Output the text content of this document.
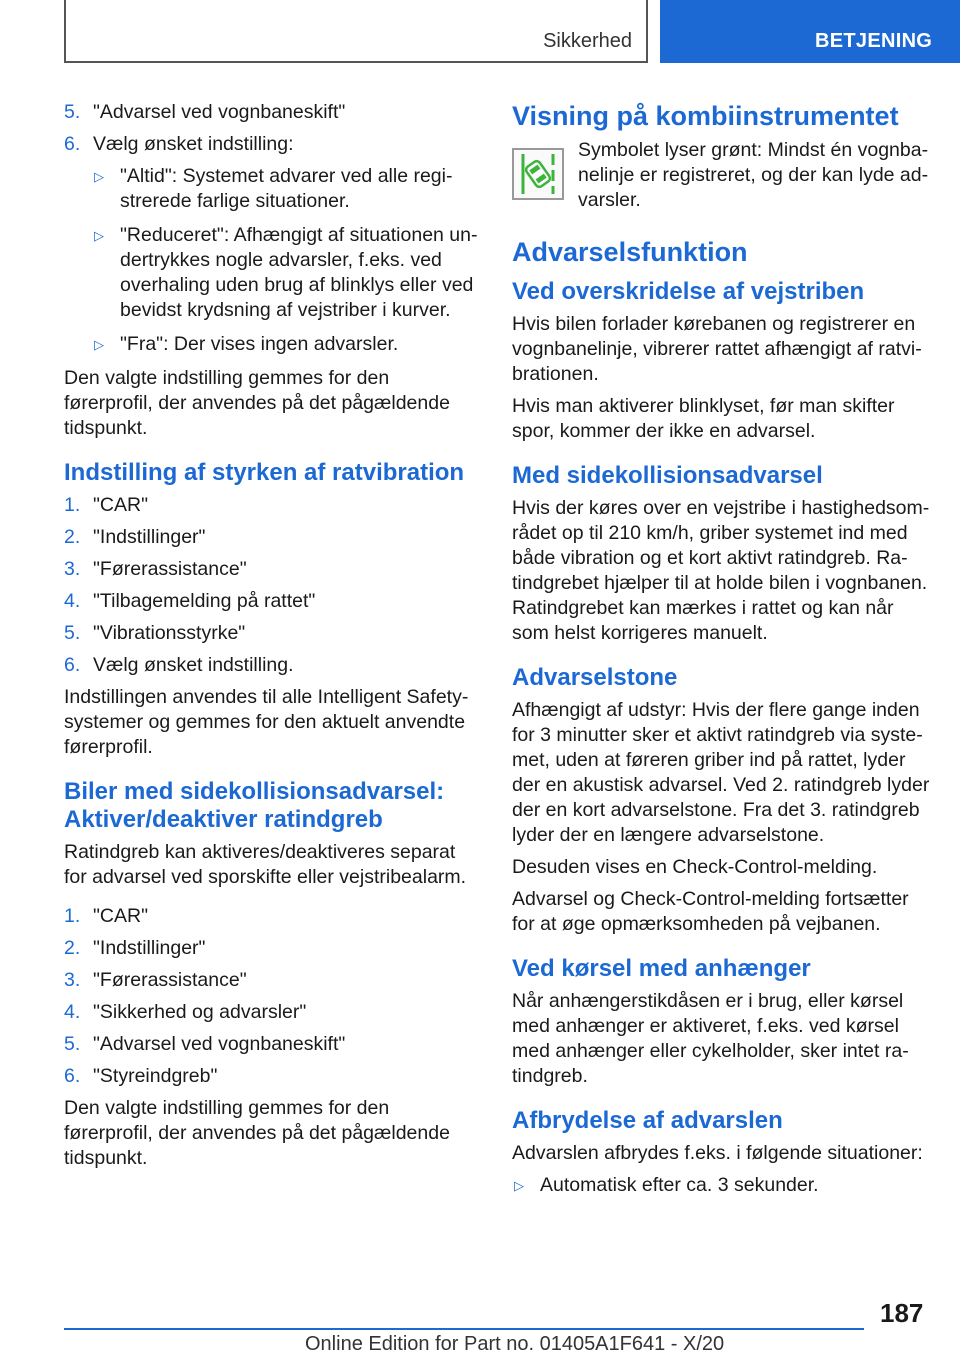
Sikkerhed	BETJENING
5. "Advarsel ved vognbaneskift"
6. Vælg ønsket indstilling:
▷ "Altid": Systemet advarer ved alle registrerede farlige situationer.
▷ "Reduceret": Afhængigt af situationen undertrykkes nogle advarsler, f.eks. ved overhaling uden brug af blinklys eller ved bevidst krydsning af vejstriber i kurver.
▷ "Fra": Der vises ingen advarsler.

Den valgte indstilling gemmes for den førerprofil, der anvendes på det pågældende tidspunkt.

Indstilling af styrken af ratvibration
1. "CAR"
2. "Indstillinger"
3. "Førerassistance"
4. "Tilbagemelding på rattet"
5. "Vibrationsstyrke"
6. Vælg ønsket indstilling.

Indstillingen anvendes til alle Intelligent Safety-systemer og gemmes for den aktuelt anvendte førerprofil.

Biler med sidekollisionsadvarsel: Aktiver/deaktiver ratindgreb

Ratindgreb kan aktiveres/deaktiveres separat for advarsel ved sporskifte eller vejstribealarm.

1. "CAR"
2. "Indstillinger"
3. "Førerassistance"
4. "Sikkerhed og advarsler"
5. "Advarsel ved vognbaneskift"
6. "Styreindgreb"

Den valgte indstilling gemmes for den førerprofil, der anvendes på det pågældende tidspunkt.

Visning på kombiinstrumentet
Symbolet lyser grønt: Mindst én vognbanelinje er registreret, og der kan lyde advarsler.
Advarselsfunktion
Ved overskridelse af vejstriben

Hvis bilen forlader kørebanen og registrerer en vognbanelinje, vibrerer rattet afhængigt af ratvibrationen.

Hvis man aktiverer blinklyset, før man skifter spor, kommer der ikke en advarsel.

Med sidekollisionsadvarsel

Hvis der køres over en vejstribe i hastighedsområdet op til 210 km/h, griber systemet ind med både vibration og et kort aktivt ratindgreb. Ratindgrebet hjælper til at holde bilen i vognbanen. Ratindgrebet kan mærkes i rattet og kan når som helst korrigeres manuelt.

Advarselstone

Afhængigt af udstyr: Hvis der flere gange inden for 3 minutter sker et aktivt ratindgreb via systemet, uden at føreren griber ind på rattet, lyder der en akustisk advarsel. Ved 2. ratindgreb lyder der en kort advarselstone. Fra det 3. ratindgreb lyder der en længere advarselstone.

Desuden vises en Check-Control-melding.

Advarsel og Check-Control-melding fortsætter for at øge opmærksomheden på vejbanen.

Ved kørsel med anhænger

Når anhængerstikdåsen er i brug, eller kørsel med anhænger er aktiveret, f.eks. ved kørsel med anhænger eller cykelholder, sker intet ratindgreb.

Afbrydelse af advarslen

Advarslen afbrydes f.eks. i følgende situationer:

▷ Automatisk efter ca. 3 sekunder.
187
Online Edition for Part no. 01405A1F641 - X/20
